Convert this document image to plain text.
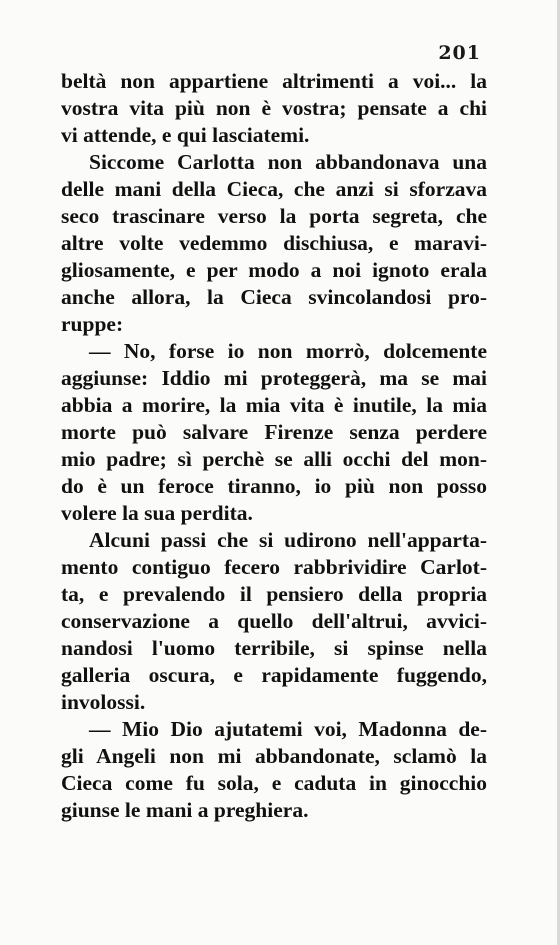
201
beltà non appartiene altrimenti a voi... la
vostra vita più non è vostra; pensate a chi
vi attende, e qui lasciatemi.
Siccome Carlotta non abbandonava una
delle mani della Cieca, che anzi si sforzava
seco trascinare verso la porta segreta, che
altre volte vedemmo dischiusa, e maravi-
gliosamente, e per modo a noi ignoto erala
anche allora, la Cieca svincolandosi pro-
ruppe:
— No, forse io non morrò, dolcemente
aggiunse: Iddio mi proteggerà, ma se mai
abbia a morire, la mia vita è inutile, la mia
morte può salvare Firenze senza perdere
mio padre; sì perchè se alli occhi del mon-
do è un feroce tiranno, io più non posso
volere la sua perdita.
Alcuni passi che si udirono nell'apparta-
mento contiguo fecero rabbrividire Carlot-
ta, e prevalendo il pensiero della propria
conservazione a quello dell'altrui, avvici-
nandosi l'uomo terribile, si spinse nella
galleria oscura, e rapidamente fuggendo,
involossi.
— Mio Dio ajutatemi voi, Madonna de-
gli Angeli non mi abbandonate, sclamò la
Cieca come fu sola, e caduta in ginocchio
giunse le mani a preghiera.
